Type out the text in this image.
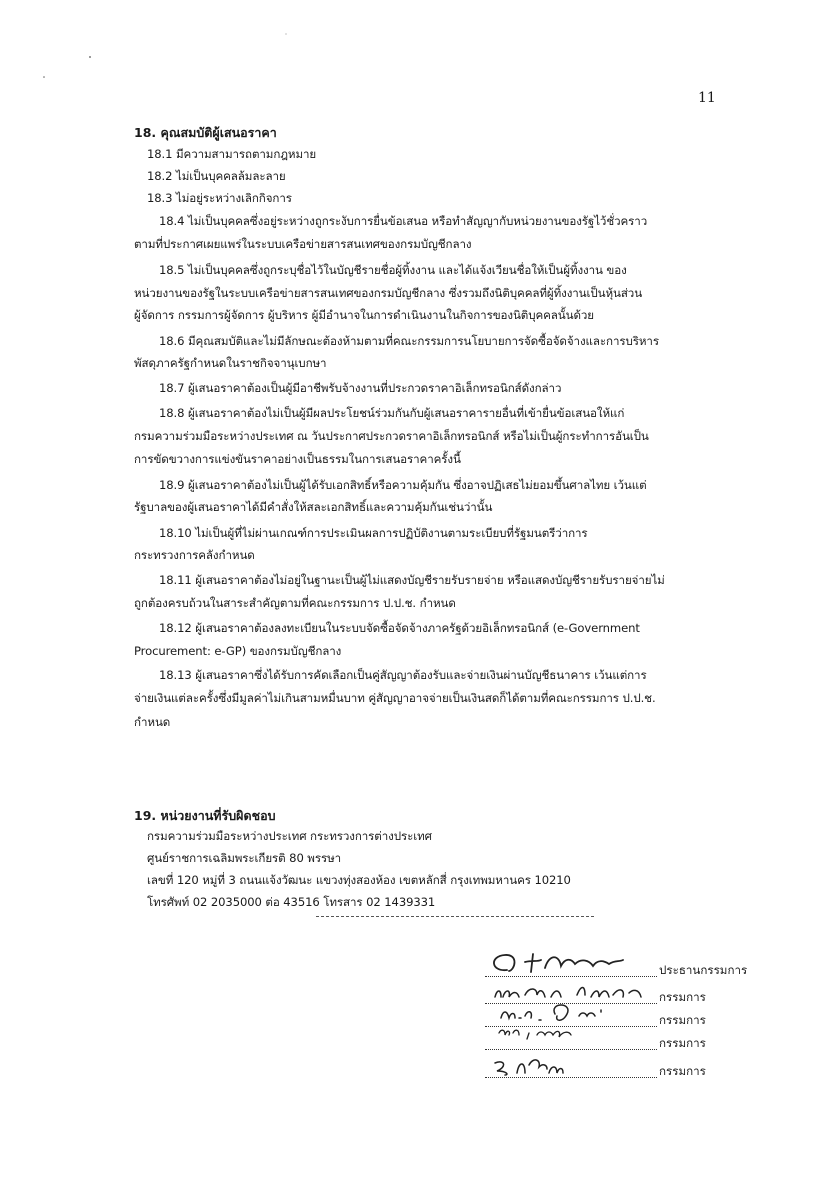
11
18. คุณสมบัติผู้เสนอราคา
18.1 มีความสามารถตามกฎหมาย
18.2 ไม่เป็นบุคคลล้มละลาย
18.3 ไม่อยู่ระหว่างเลิกกิจการ
18.4 ไม่เป็นบุคคลซึ่งอยู่ระหว่างถูกระงับการยื่นข้อเสนอ หรือทำสัญญากับหน่วยงานของรัฐไว้ชั่วคราว
ตามที่ประกาศเผยแพร่ในระบบเครือข่ายสารสนเทศของกรมบัญชีกลาง
18.5 ไม่เป็นบุคคลซึ่งถูกระบุชื่อไว้ในบัญชีรายชื่อผู้ทิ้งงาน และได้แจ้งเวียนชื่อให้เป็นผู้ทิ้งงาน ของ
หน่วยงานของรัฐในระบบเครือข่ายสารสนเทศของกรมบัญชีกลาง ซึ่งรวมถึงนิติบุคคลที่ผู้ทิ้งงานเป็นหุ้นส่วน
ผู้จัดการ กรรมการผู้จัดการ ผู้บริหาร ผู้มีอำนาจในการดำเนินงานในกิจการของนิติบุคคลนั้นด้วย
18.6 มีคุณสมบัติและไม่มีลักษณะต้องห้ามตามที่คณะกรรมการนโยบายการจัดซื้อจัดจ้างและการบริหาร
พัสดุภาครัฐกำหนดในราชกิจจานุเบกษา
18.7 ผู้เสนอราคาต้องเป็นผู้มีอาชีพรับจ้างงานที่ประกวดราคาอิเล็กทรอนิกส์ดังกล่าว
18.8 ผู้เสนอราคาต้องไม่เป็นผู้มีผลประโยชน์ร่วมกันกับผู้เสนอราคารายอื่นที่เข้ายื่นข้อเสนอให้แก่
กรมความร่วมมือระหว่างประเทศ ณ วันประกาศประกวดราคาอิเล็กทรอนิกส์ หรือไม่เป็นผู้กระทำการอันเป็น
การขัดขวางการแข่งขันราคาอย่างเป็นธรรมในการเสนอราคาครั้งนี้
18.9 ผู้เสนอราคาต้องไม่เป็นผู้ได้รับเอกสิทธิ์หรือความคุ้มกัน ซึ่งอาจปฏิเสธไม่ยอมขึ้นศาลไทย เว้นแต่
รัฐบาลของผู้เสนอราคาได้มีคำสั่งให้สละเอกสิทธิ์และความคุ้มกันเช่นว่านั้น
18.10 ไม่เป็นผู้ที่ไม่ผ่านเกณฑ์การประเมินผลการปฏิบัติงานตามระเบียบที่รัฐมนตรีว่าการ
กระทรวงการคลังกำหนด
18.11 ผู้เสนอราคาต้องไม่อยู่ในฐานะเป็นผู้ไม่แสดงบัญชีรายรับรายจ่าย หรือแสดงบัญชีรายรับรายจ่ายไม่
ถูกต้องครบถ้วนในสาระสำคัญตามที่คณะกรรมการ ป.ป.ช. กำหนด
18.12 ผู้เสนอราคาต้องลงทะเบียนในระบบจัดซื้อจัดจ้างภาครัฐด้วยอิเล็กทรอนิกส์ (e-Government
Procurement: e-GP) ของกรมบัญชีกลาง
18.13 ผู้เสนอราคาซึ่งได้รับการคัดเลือกเป็นคู่สัญญาต้องรับและจ่ายเงินผ่านบัญชีธนาคาร เว้นแต่การ
จ่ายเงินแต่ละครั้งซึ่งมีมูลค่าไม่เกินสามหมื่นบาท คู่สัญญาอาจจ่ายเป็นเงินสดก็ได้ตามที่คณะกรรมการ ป.ป.ช.
กำหนด
19. หน่วยงานที่รับผิดชอบ
กรมความร่วมมือระหว่างประเทศ กระทรวงการต่างประเทศ
ศูนย์ราชการเฉลิมพระเกียรติ 80 พรรษา
เลขที่ 120 หมู่ที่ 3 ถนนแจ้งวัฒนะ แขวงทุ่งสองห้อง เขตหลักสี่ กรุงเทพมหานคร 10210
โทรศัพท์ 02 2035000 ต่อ 43516 โทรสาร 02 1439331
ประธานกรรมการ
กรรมการ
กรรมการ
กรรมการ
กรรมการ
